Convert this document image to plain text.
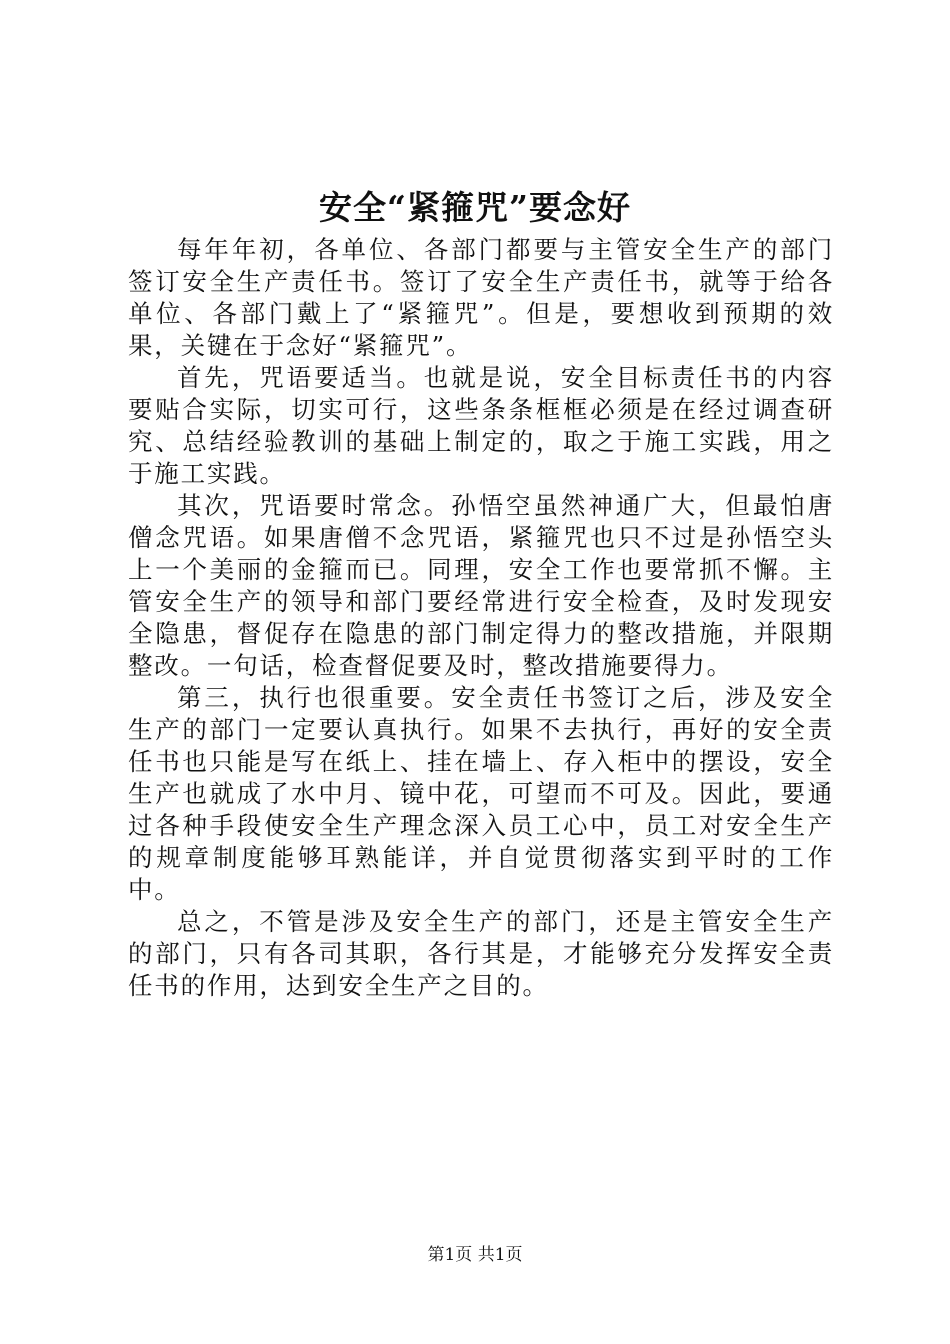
安全“紧箍咒”要念好

每年年初，各单位、各部门都要与主管安全生产的部门签订安全生产责任书。签订了安全生产责任书，就等于给各单位、各部门戴上了“紧箍咒”。但是，要想收到预期的效果，关键在于念好“紧箍咒”。

首先，咒语要适当。也就是说，安全目标责任书的内容要贴合实际，切实可行，这些条条框框必须是在经过调查研究、总结经验教训的基础上制定的，取之于施工实践，用之于施工实践。

其次，咒语要时常念。孙悟空虽然神通广大，但最怕唐僧念咒语。如果唐僧不念咒语，紧箍咒也只不过是孙悟空头上一个美丽的金箍而已。同理，安全工作也要常抓不懈。主管安全生产的领导和部门要经常进行安全检查，及时发现安全隐患，督促存在隐患的部门制定得力的整改措施，并限期整改。一句话，检查督促要及时，整改措施要得力。

第三，执行也很重要。安全责任书签订之后，涉及安全生产的部门一定要认真执行。如果不去执行，再好的安全责任书也只能是写在纸上、挂在墙上、存入柜中的摆设，安全生产也就成了水中月、镜中花，可望而不可及。因此，要通过各种手段使安全生产理念深入员工心中，员工对安全生产的规章制度能够耳熟能详，并自觉贯彻落实到平时的工作中。

总之，不管是涉及安全生产的部门，还是主管安全生产的部门，只有各司其职，各行其是，才能够充分发挥安全责任书的作用，达到安全生产之目的。

第1页 共1页
